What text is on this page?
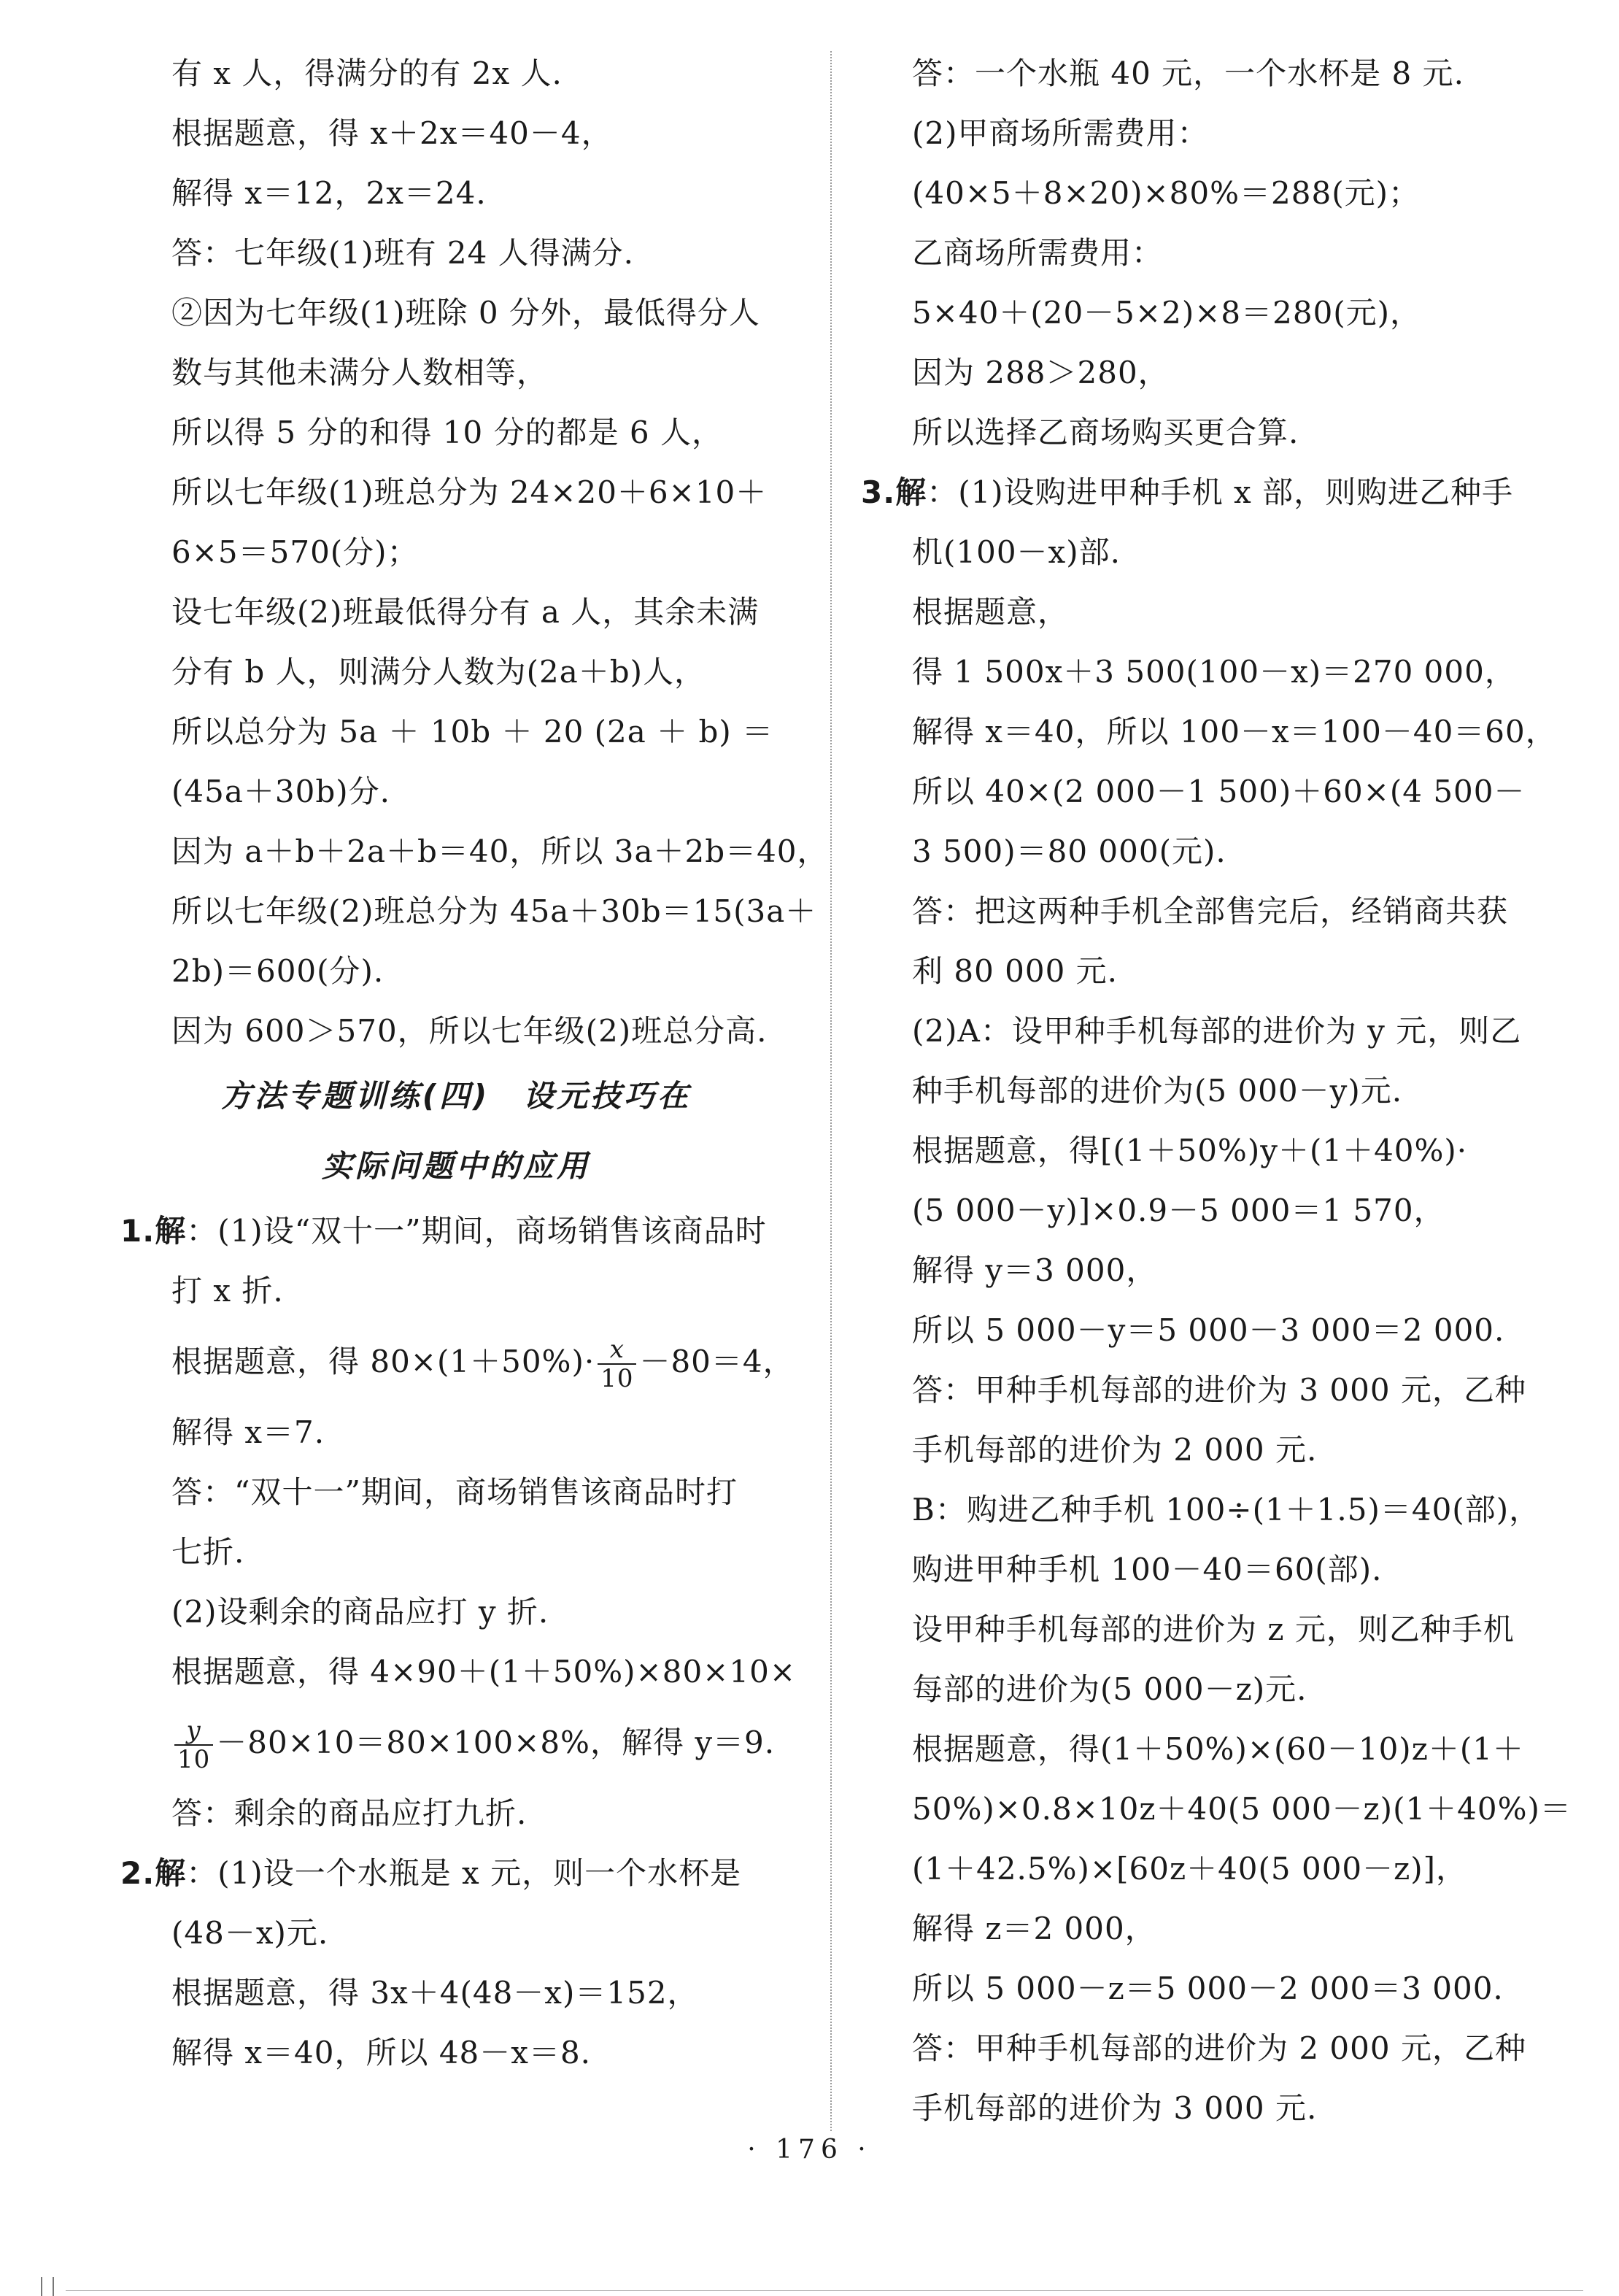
有 x 人，得满分的有 2x 人.
根据题意，得 x＋2x＝40－4，
解得 x＝12，2x＝24.
答：七年级(1)班有 24 人得满分.
②因为七年级(1)班除 0 分外，最低得分人
数与其他未满分人数相等，
所以得 5 分的和得 10 分的都是 6 人，
所以七年级(1)班总分为 24×20＋6×10＋
6×5＝570(分)；
设七年级(2)班最低得分有 a 人，其余未满
分有 b 人，则满分人数为(2a＋b)人，
所以总分为 5a ＋ 10b ＋ 20 (2a ＋ b) ＝
(45a＋30b)分.
因为 a＋b＋2a＋b＝40，所以 3a＋2b＝40，
所以七年级(2)班总分为 45a＋30b＝15(3a＋
2b)＝600(分).
因为 600＞570，所以七年级(2)班总分高.
方法专题训练(四)　设元技巧在
实际问题中的应用
1.解：(1)设“双十一”期间，商场销售该商品时
打 x 折.
根据题意，得 $80\times(1+50\%)\cdot \frac{x}{10} -80=4$，
解得 x＝7.
答：“双十一”期间，商场销售该商品时打
七折.
(2)设剩余的商品应打 y 折.
根据题意，得 4×90＋(1＋50%)×80×10×
$\frac{y}{10} -80\times 10=80\times 100\times 8\%$，解得 y＝9.
答：剩余的商品应打九折.
2.解：(1)设一个水瓶是 x 元，则一个水杯是
(48－x)元.
根据题意，得 3x＋4(48－x)＝152，
解得 x＝40，所以 48－x＝8.
答：一个水瓶 40 元，一个水杯是 8 元.
(2)甲商场所需费用：
(40×5＋8×20)×80%＝288(元)；
乙商场所需费用：
5×40＋(20－5×2)×8＝280(元)，
因为 288＞280，
所以选择乙商场购买更合算.
3.解：(1)设购进甲种手机 x 部，则购进乙种手
机(100－x)部.
根据题意，
得 1 500x＋3 500(100－x)＝270 000，
解得 x＝40，所以 100－x＝100－40＝60，
所以 40×(2 000－1 500)＋60×(4 500－
3 500)＝80 000(元).
答：把这两种手机全部售完后，经销商共获
利 80 000 元.
(2)A：设甲种手机每部的进价为 y 元，则乙
种手机每部的进价为(5 000－y)元.
根据题意，得[(1＋50%)y＋(1＋40%)·
(5 000－y)]×0.9－5 000＝1 570，
解得 y＝3 000，
所以 5 000－y＝5 000－3 000＝2 000.
答：甲种手机每部的进价为 3 000 元，乙种
手机每部的进价为 2 000 元.
B：购进乙种手机 100÷(1＋1.5)＝40(部)，
购进甲种手机 100－40＝60(部).
设甲种手机每部的进价为 z 元，则乙种手机
每部的进价为(5 000－z)元.
根据题意，得(1＋50%)×(60－10)z＋(1＋
50%)×0.8×10z＋40(5 000－z)(1＋40%)＝
(1＋42.5%)×[60z＋40(5 000－z)]，
解得 z＝2 000，
所以 5 000－z＝5 000－2 000＝3 000.
答：甲种手机每部的进价为 2 000 元，乙种
手机每部的进价为 3 000 元.
· 176 ·
